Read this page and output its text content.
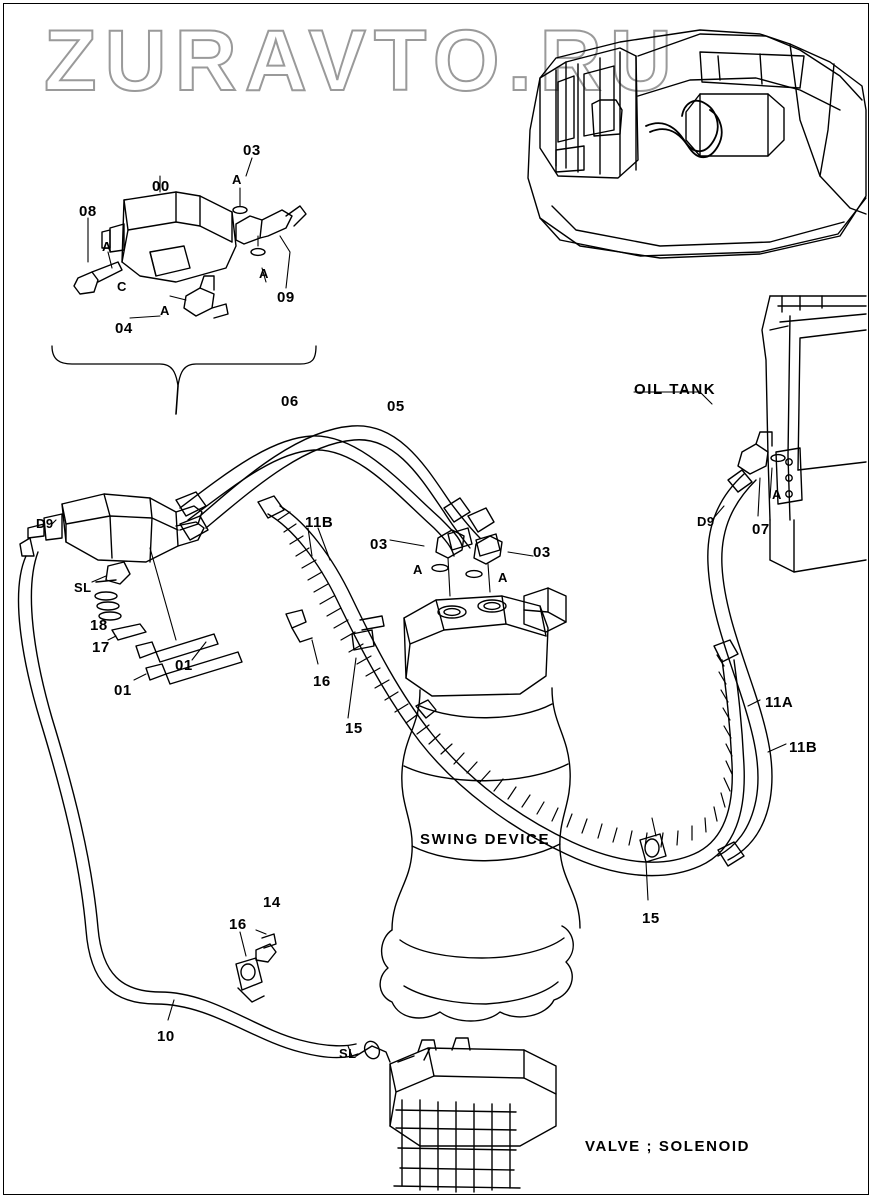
ZURAVTO.RU
OIL TANK
SWING DEVICE
VALVE ; SOLENOID
03
00
08
A
A
A
A
C
09
04
06	05
D9	11B
03	03
A
A
A
D9 07
SL
18
17
01
01
16
15
11A
11B
15
14
16
10
SL
